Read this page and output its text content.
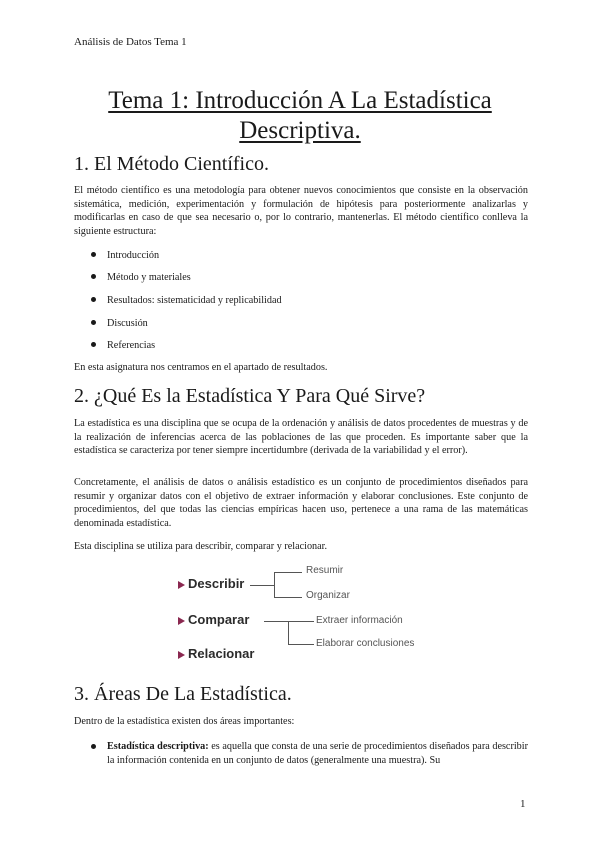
Análisis de Datos Tema 1
Tema 1: Introducción A La Estadística
Descriptiva.
1. El Método Científico.
El método científico es una metodología para obtener nuevos conocimientos que consiste en la observación sistemática, medición, experimentación y formulación de hipótesis para posteriormente analizarlas y modificarlas en caso de que sea necesario o, por lo contrario, mantenerlas. El método científico conlleva la siguiente estructura:
Introducción
Método y materiales
Resultados: sistematicidad y replicabilidad
Discusión
Referencias
En esta asignatura nos centramos en el apartado de resultados.
2. ¿Qué Es la Estadística Y Para Qué Sirve?
La estadística es una disciplina que se ocupa de la ordenación y análisis de datos procedentes de muestras y de la realización de inferencias acerca de las poblaciones de las que proceden. Es importante saber que la estadística se caracteriza por tener siempre incertidumbre (derivada de la variabilidad y el error).
Concretamente, el análisis de datos o análisis estadístico es un conjunto de procedimientos diseñados para resumir y organizar datos con el objetivo de extraer información y elaborar conclusiones. Este conjunto de procedimientos, del que todas las ciencias empíricas hacen uso, pertenece a una rama de las matemáticas denominada estadística.
Esta disciplina se utiliza para describir, comparar y relacionar.
Describir
Resumir
Organizar
Comparar	Extraer información
Elaborar conclusiones
Relacionar
3. Áreas De La Estadística.
Dentro de la estadística existen dos áreas importantes:
Estadística descriptiva: es aquella que consta de una serie de procedimientos diseñados para describir la información contenida en un conjunto de datos (generalmente una muestra). Su
1
